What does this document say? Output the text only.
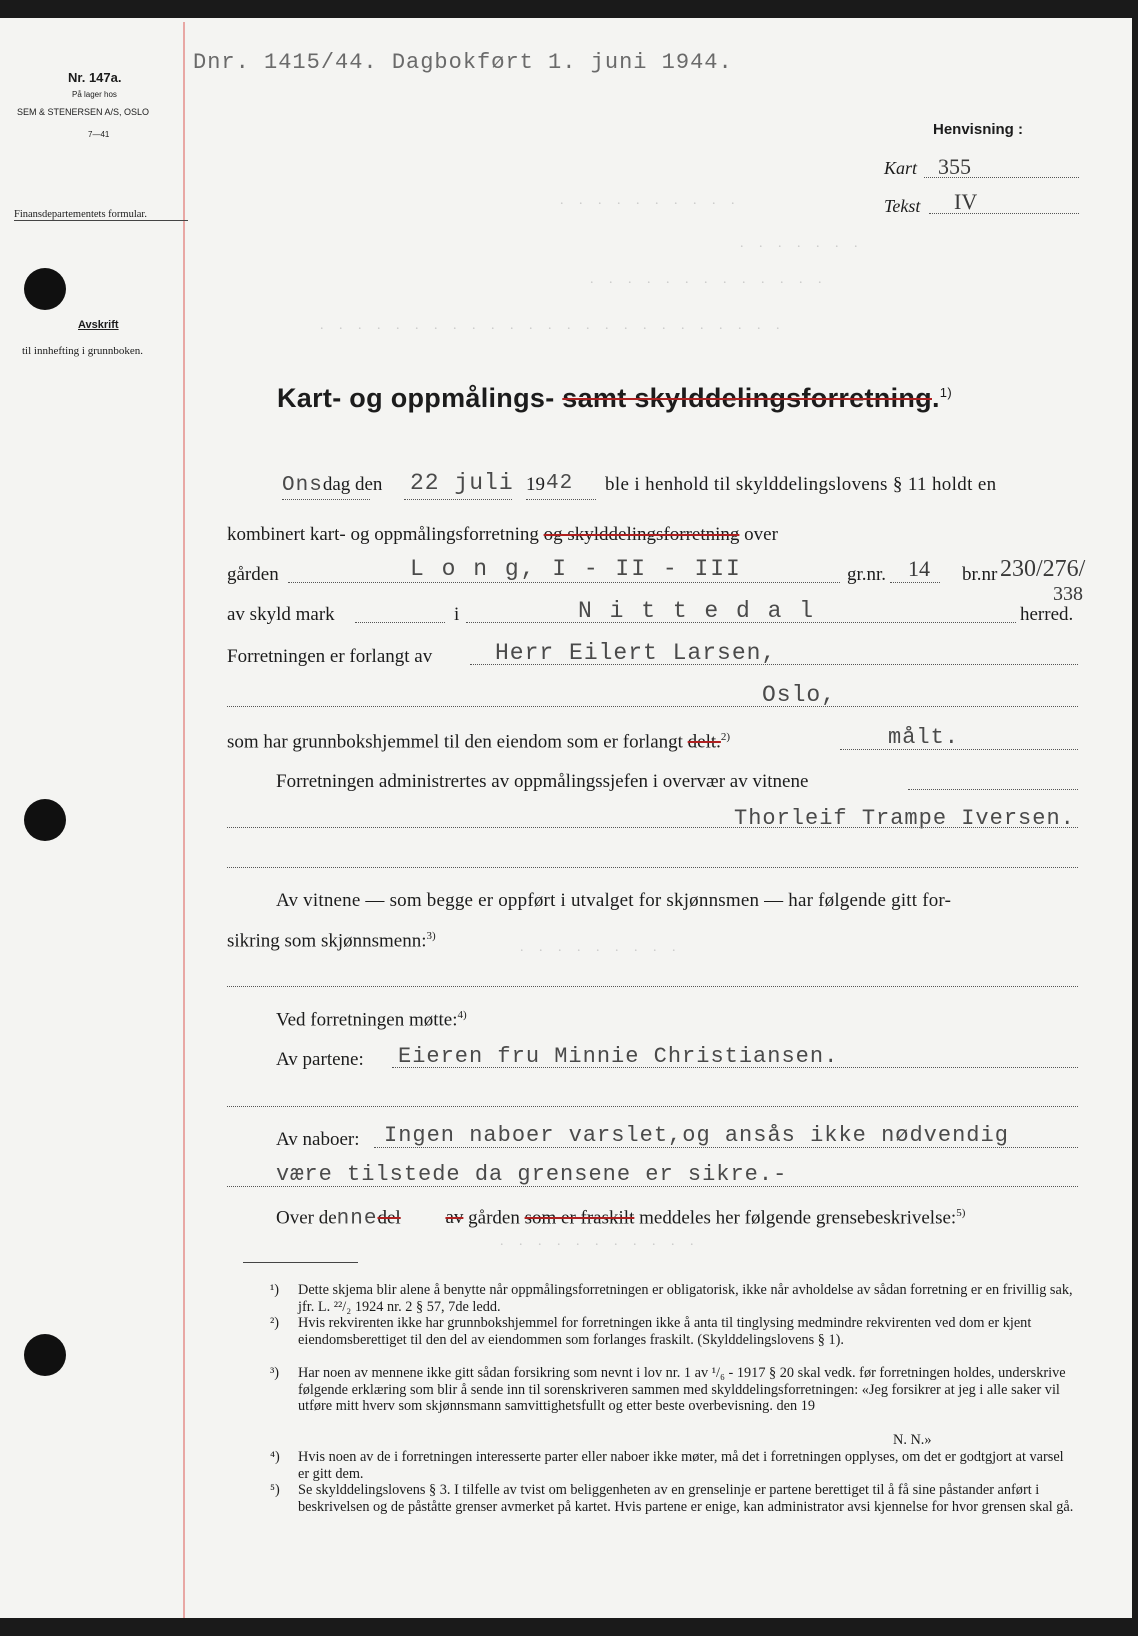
Dnr. 1415/44. Dagbokført 1. juni 1944.
Nr. 147a.
På lager hos
SEM & STENERSEN A/S, OSLO
7—41
Finansdepartementets formular.
Avskrift
til innhefting i grunnboken.
Henvisning :
Kart 355
Tekst IV
. . . . . . . . . .
. . . . . . .
. . . . . . . . . . . . .
. . . . . . . . . . . . . . . . . . . . . . . . .
Kart- og oppmålings- samt skylddelingsforretning.$^{1)}$
Onsdag den 22 juli 19 42 ble i henhold til skylddelingslovens § 11 holdt en
kombinert kart- og oppmålingsforretning og skylddelingsforretning over
gården	L o n g, I - II - III	gr.nr. 14 br.nr 230/276/
338
av skyld mark	i	N i t t e d a l	herred.
Forretningen er forlangt av	Herr Eilert Larsen,
Oslo,
som har grunnbokshjemmel til den eiendom som er forlangt delt.$^{2)}$	målt.
Forretningen administrertes av oppmålingssjefen i overvær av vitnene
Thorleif Trampe Iversen.
Av vitnene — som begge er oppført i utvalget for skjønnsmen — har følgende gitt for-
sikring som skjønnsmenn:$^{3)}$
. . . . . . . . .
Ved forretningen møtte:$^{4)}$
Av partene: Eieren fru Minnie Christiansen.
Av naboer: Ingen naboer varslet,og ansås ikke nødvendig
være tilstede da grensene er sikre.-
Over dennedel av gården som er fraskilt meddeles her følgende grensebeskrivelse:$^{5)}$
. . . . . . . . . . .
¹) Dette skjema blir alene å benytte når oppmålingsforretningen er obligatorisk, ikke når avholdelse av sådan forretning er en frivillig sak, jfr. L. ²²/₂ 1924 nr. 2 § 57, 7de ledd.
²) Hvis rekvirenten ikke har grunnbokshjemmel for forretningen ikke å anta til tinglysing medmindre rekvirenten ved dom er kjent eiendomsberettiget til den del av eiendommen som forlanges fraskilt. (Skylddelingslovens § 1).
³) Har noen av mennene ikke gitt sådan forsikring som nevnt i lov nr. 1 av ¹/₆ - 1917 § 20 skal vedk. før forretningen holdes, underskrive følgende erklæring som blir å sende inn til sorenskriveren sammen med skylddelingsforretningen: «Jeg forsikrer at jeg i alle saker vil utføre mitt hverv som skjønnsmann samvittighetsfullt og etter beste overbevisning. den 19
N. N.»
⁴) Hvis noen av de i forretningen interesserte parter eller naboer ikke møter, må det i forretningen opplyses, om det er godtgjort at varsel er gitt dem.
⁵) Se skylddelingslovens § 3. I tilfelle av tvist om beliggenheten av en grenselinje er partene berettiget til å få sine påstander anført i beskrivelsen og de påståtte grenser avmerket på kartet. Hvis partene er enige, kan administrator avsi kjennelse for hvor grensen skal gå.
